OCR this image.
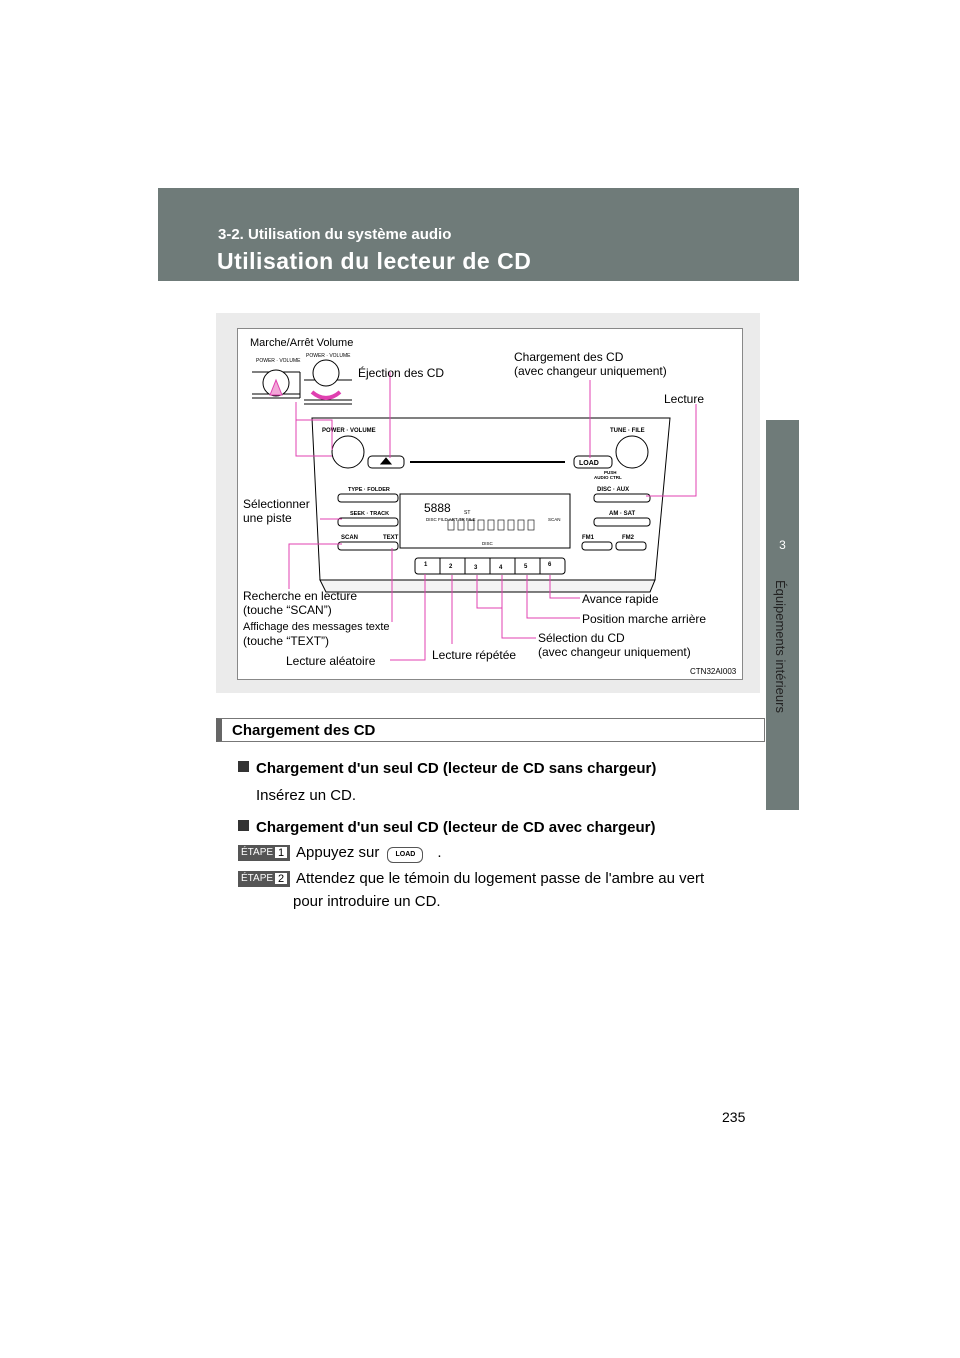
3-2. Utilisation du système audio
Utilisation du lecteur de CD
3
Équipements intérieurs
POWER · VOLUME
POWER · VOLUME
POWER · VOLUME	TUNE · FILE
LOAD
PUSH
AUDIO CTRL
TYPE · FOLDER
SEEK · TRACK
SCAN	TEXT
DISC · AUX
AM · SAT
FM1	FM2
5888	ST
DISC FILD ART TR FILE	SCAN
DISC
1	2	3	4	5	6
Marche/Arrêt Volume
Éjection des CD
Chargement des CD
(avec changeur uniquement)
Lecture
Sélectionner
une piste
Recherche en lecture
(touche “SCAN”)
Affichage des messages texte
(touche “TEXT”)
Lecture aléatoire	Lecture répétée
Avance rapide
Position marche arrière
Sélection du CD
(avec changeur uniquement)
CTN32AI003
Chargement des CD
Chargement d'un seul CD (lecteur de CD sans chargeur)
Insérez un CD.
Chargement d'un seul CD (lecteur de CD avec chargeur)
ÉTAPE 1 Appuyez sur LOAD .
ÉTAPE 2 Attendez que le témoin du logement passe de l'ambre au vert
pour introduire un CD.
235
